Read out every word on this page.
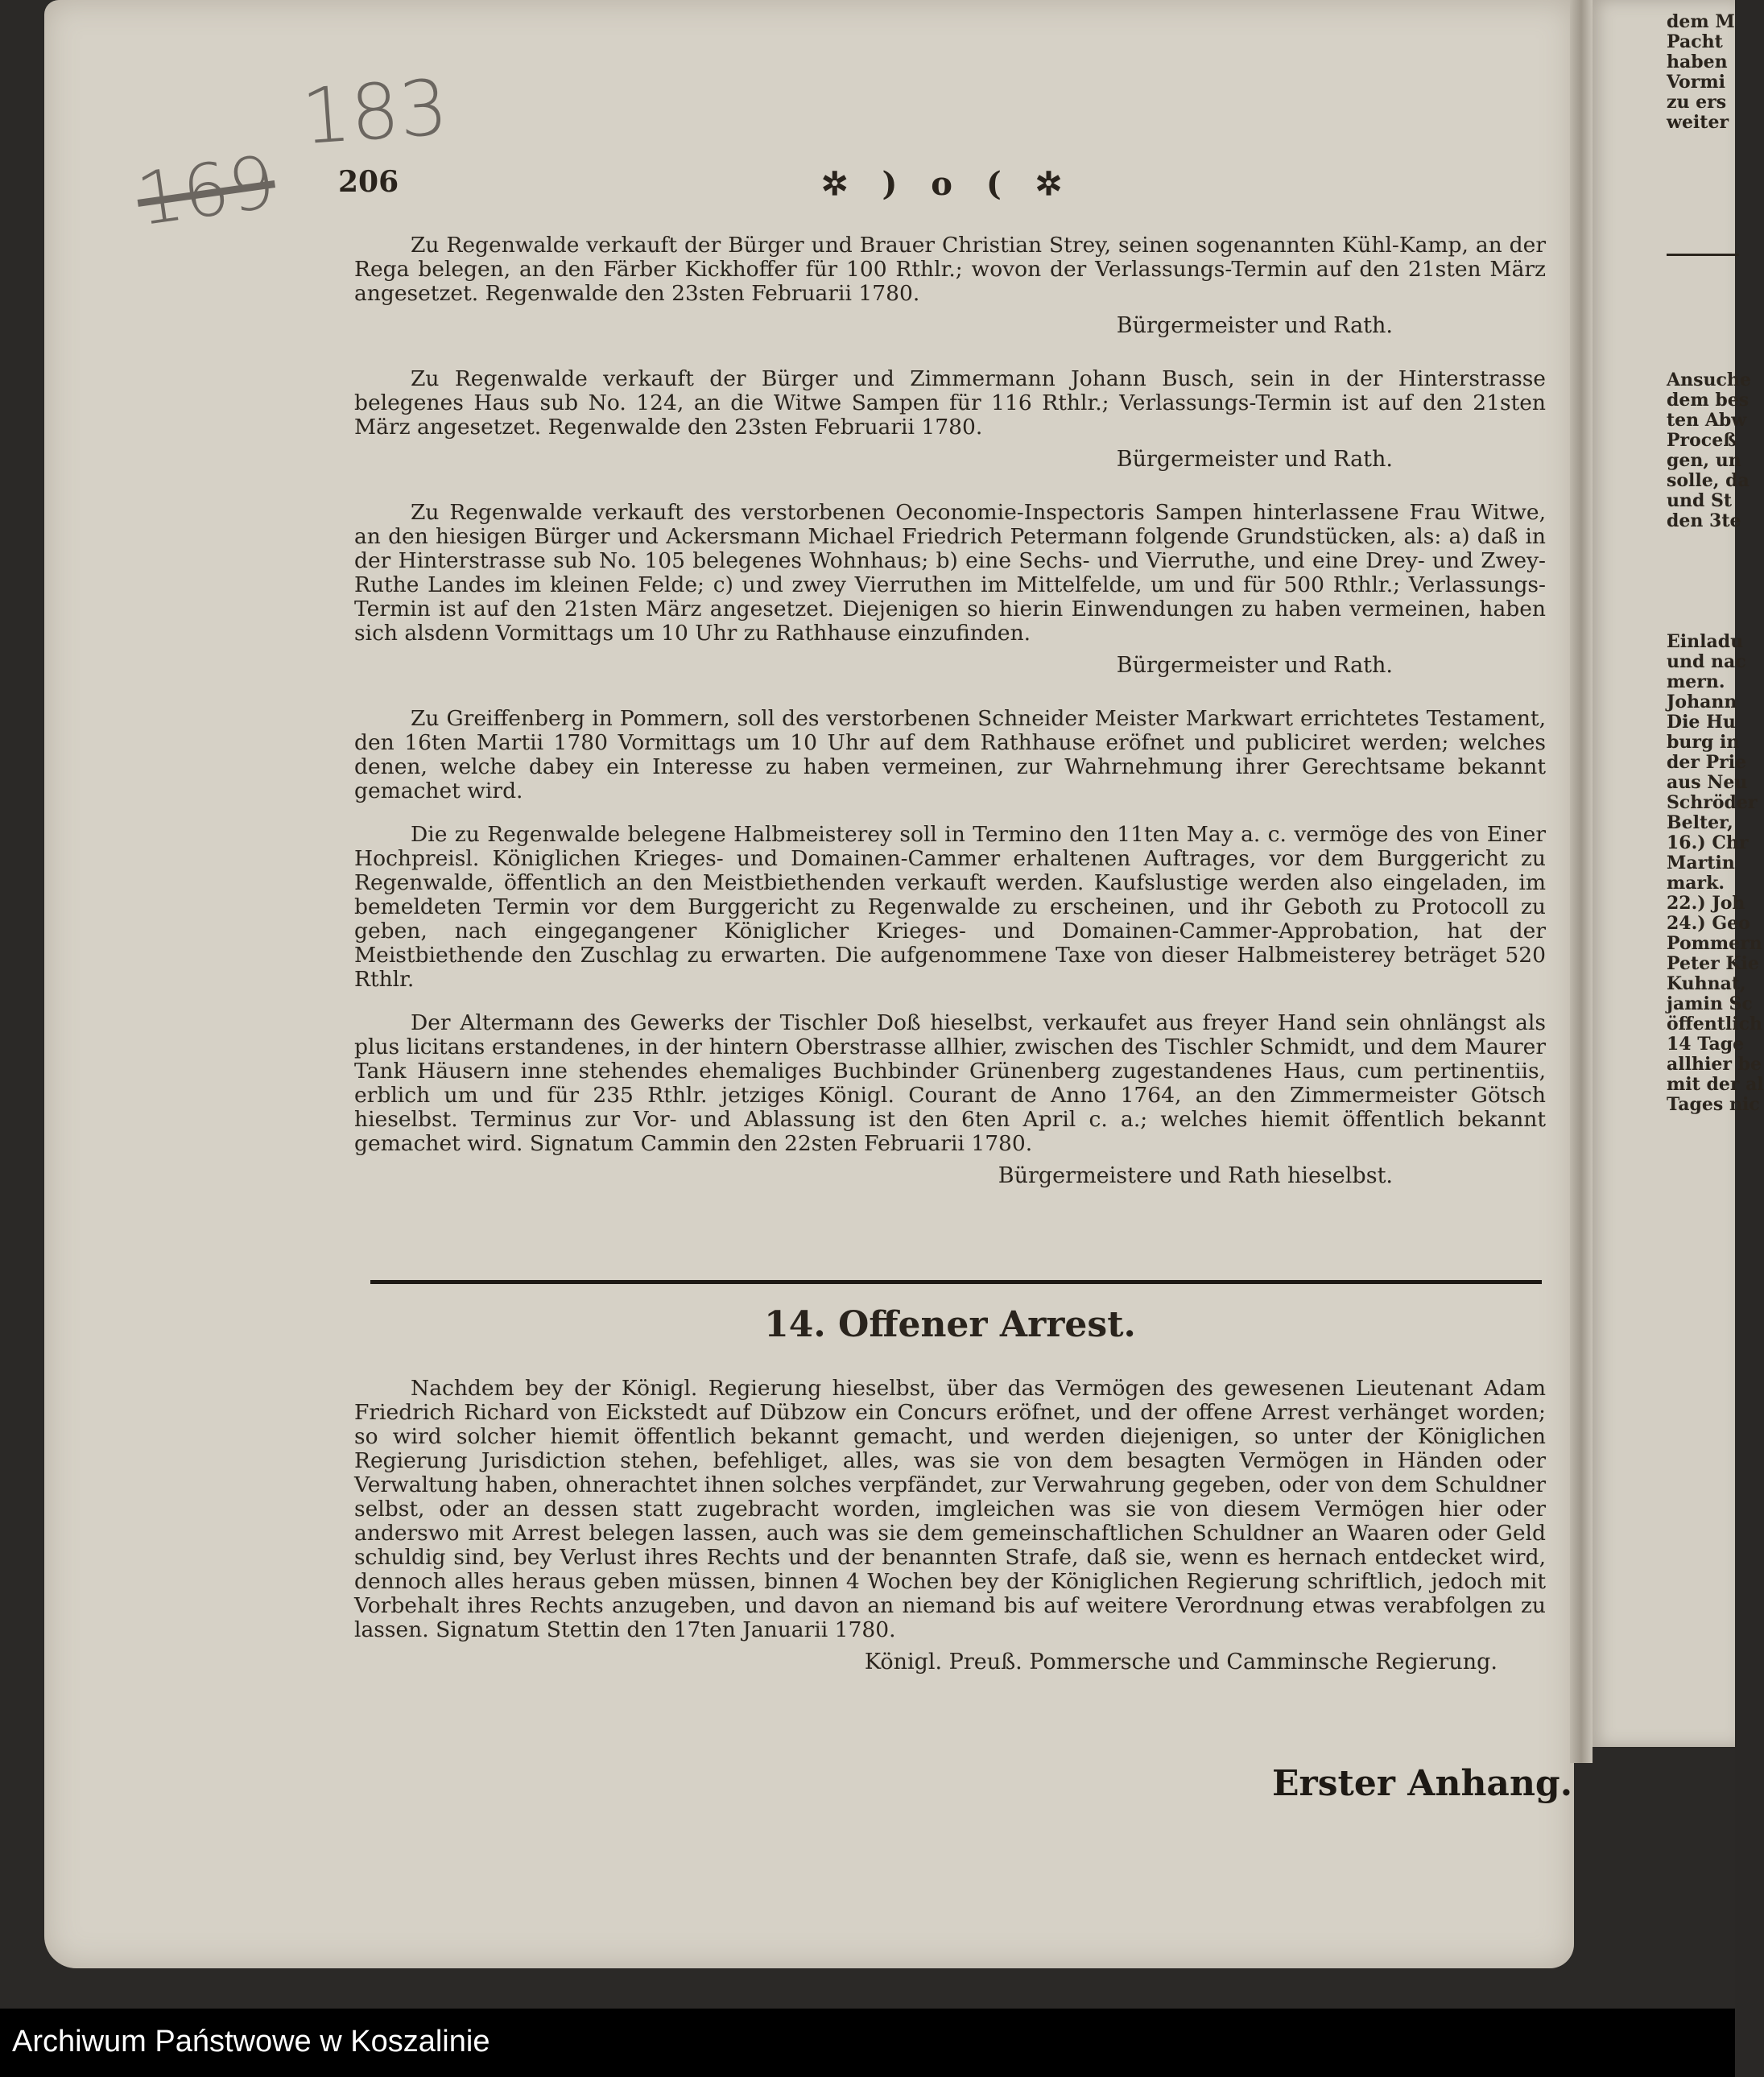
169
183
206	✲ ) o ( ✲

Zu Regenwalde verkauft der Bürger und Brauer Christian Strey, seinen sogenannten Kühl-Kamp, an der Rega belegen, an den Färber Kickhoffer für 100 Rthlr.; wovon der Verlassungs-Termin auf den 21sten März angesetzet. Regenwalde den 23sten Februarii 1780.

Bürgermeister und Rath.

Zu Regenwalde verkauft der Bürger und Zimmermann Johann Busch, sein in der Hinterstrasse belegenes Haus sub No. 124, an die Witwe Sampen für 116 Rthlr.; Verlassungs-Termin ist auf den 21sten März angesetzet. Regenwalde den 23sten Februarii 1780.

Bürgermeister und Rath.

Zu Regenwalde verkauft des verstorbenen Oeconomie-Inspectoris Sampen hinterlassene Frau Witwe, an den hiesigen Bürger und Ackersmann Michael Friedrich Petermann folgende Grundstücken, als: a) daß in der Hinterstrasse sub No. 105 belegenes Wohnhaus; b) eine Sechs- und Vierruthe, und eine Drey- und Zwey-Ruthe Landes im kleinen Felde; c) und zwey Vierruthen im Mittelfelde, um und für 500 Rthlr.; Verlassungs-Termin ist auf den 21sten März angesetzet. Diejenigen so hierin Einwendungen zu haben vermeinen, haben sich alsdenn Vormittags um 10 Uhr zu Rathhause einzufinden.

Bürgermeister und Rath.

Zu Greiffenberg in Pommern, soll des verstorbenen Schneider Meister Markwart errichtetes Testament, den 16ten Martii 1780 Vormittags um 10 Uhr auf dem Rathhause eröfnet und publiciret werden; welches denen, welche dabey ein Interesse zu haben vermeinen, zur Wahrnehmung ihrer Gerechtsame bekannt gemachet wird.

Die zu Regenwalde belegene Halbmeisterey soll in Termino den 11ten May a. c. vermöge des von Einer Hochpreisl. Königlichen Krieges- und Domainen-Cammer erhaltenen Auftrages, vor dem Burggericht zu Regenwalde, öffentlich an den Meistbiethenden verkauft werden. Kaufslustige werden also eingeladen, im bemeldeten Termin vor dem Burggericht zu Regenwalde zu erscheinen, und ihr Geboth zu Protocoll zu geben, nach eingegangener Königlicher Krieges- und Domainen-Cammer-Approbation, hat der Meistbiethende den Zuschlag zu erwarten. Die aufgenommene Taxe von dieser Halbmeisterey beträget 520 Rthlr.

Der Altermann des Gewerks der Tischler Doß hieselbst, verkaufet aus freyer Hand sein ohnlängst als plus licitans erstandenes, in der hintern Oberstrasse allhier, zwischen des Tischler Schmidt, und dem Maurer Tank Häusern inne stehendes ehemaliges Buchbinder Grünenberg zugestandenes Haus, cum pertinentiis, erblich um und für 235 Rthlr. jetziges Königl. Courant de Anno 1764, an den Zimmermeister Götsch hieselbst. Terminus zur Vor- und Ablassung ist den 6ten April c. a.; welches hiemit öffentlich bekannt gemachet wird. Signatum Cammin den 22sten Februarii 1780.

Bürgermeistere und Rath hieselbst.
14. Offener Arrest.

Nachdem bey der Königl. Regierung hieselbst, über das Vermögen des gewesenen Lieutenant Adam Friedrich Richard von Eickstedt auf Dübzow ein Concurs eröfnet, und der offene Arrest verhänget worden; so wird solcher hiemit öffentlich bekannt gemacht, und werden diejenigen, so unter der Königlichen Regierung Jurisdiction stehen, befehliget, alles, was sie von dem besagten Vermögen in Händen oder Verwaltung haben, ohnerachtet ihnen solches verpfändet, zur Verwahrung gegeben, oder von dem Schuldner selbst, oder an dessen statt zugebracht worden, imgleichen was sie von diesem Vermögen hier oder anderswo mit Arrest belegen lassen, auch was sie dem gemeinschaftlichen Schuldner an Waaren oder Geld schuldig sind, bey Verlust ihres Rechts und der benannten Strafe, daß sie, wenn es hernach entdecket wird, dennoch alles heraus geben müssen, binnen 4 Wochen bey der Königlichen Regierung schriftlich, jedoch mit Vorbehalt ihres Rechts anzugeben, und davon an niemand bis auf weitere Verordnung etwas verabfolgen zu lassen. Signatum Stettin den 17ten Januarii 1780.

Königl. Preuß. Pommersche und Camminsche Regierung.
Erster Anhang.
dem M
Pacht
haben
Vormi
zu ers
weiter
Ansuche
dem bes
ten Abw
Proceß
gen, un
solle, da
und St
den 3te
Einladu
und nac
mern.
Johann
Die Hu
burg in
der Prie
aus Neu
Schröder
Belter,
16.) Chr
Martin
mark.
22.) Joh
24.) Geo
Pommern
Peter Kie
Kuhnat,
jamin Sc
öffentlich
14 Tage
allhier be
mit der al
Tages nic
Archiwum Państwowe w Koszalinie
